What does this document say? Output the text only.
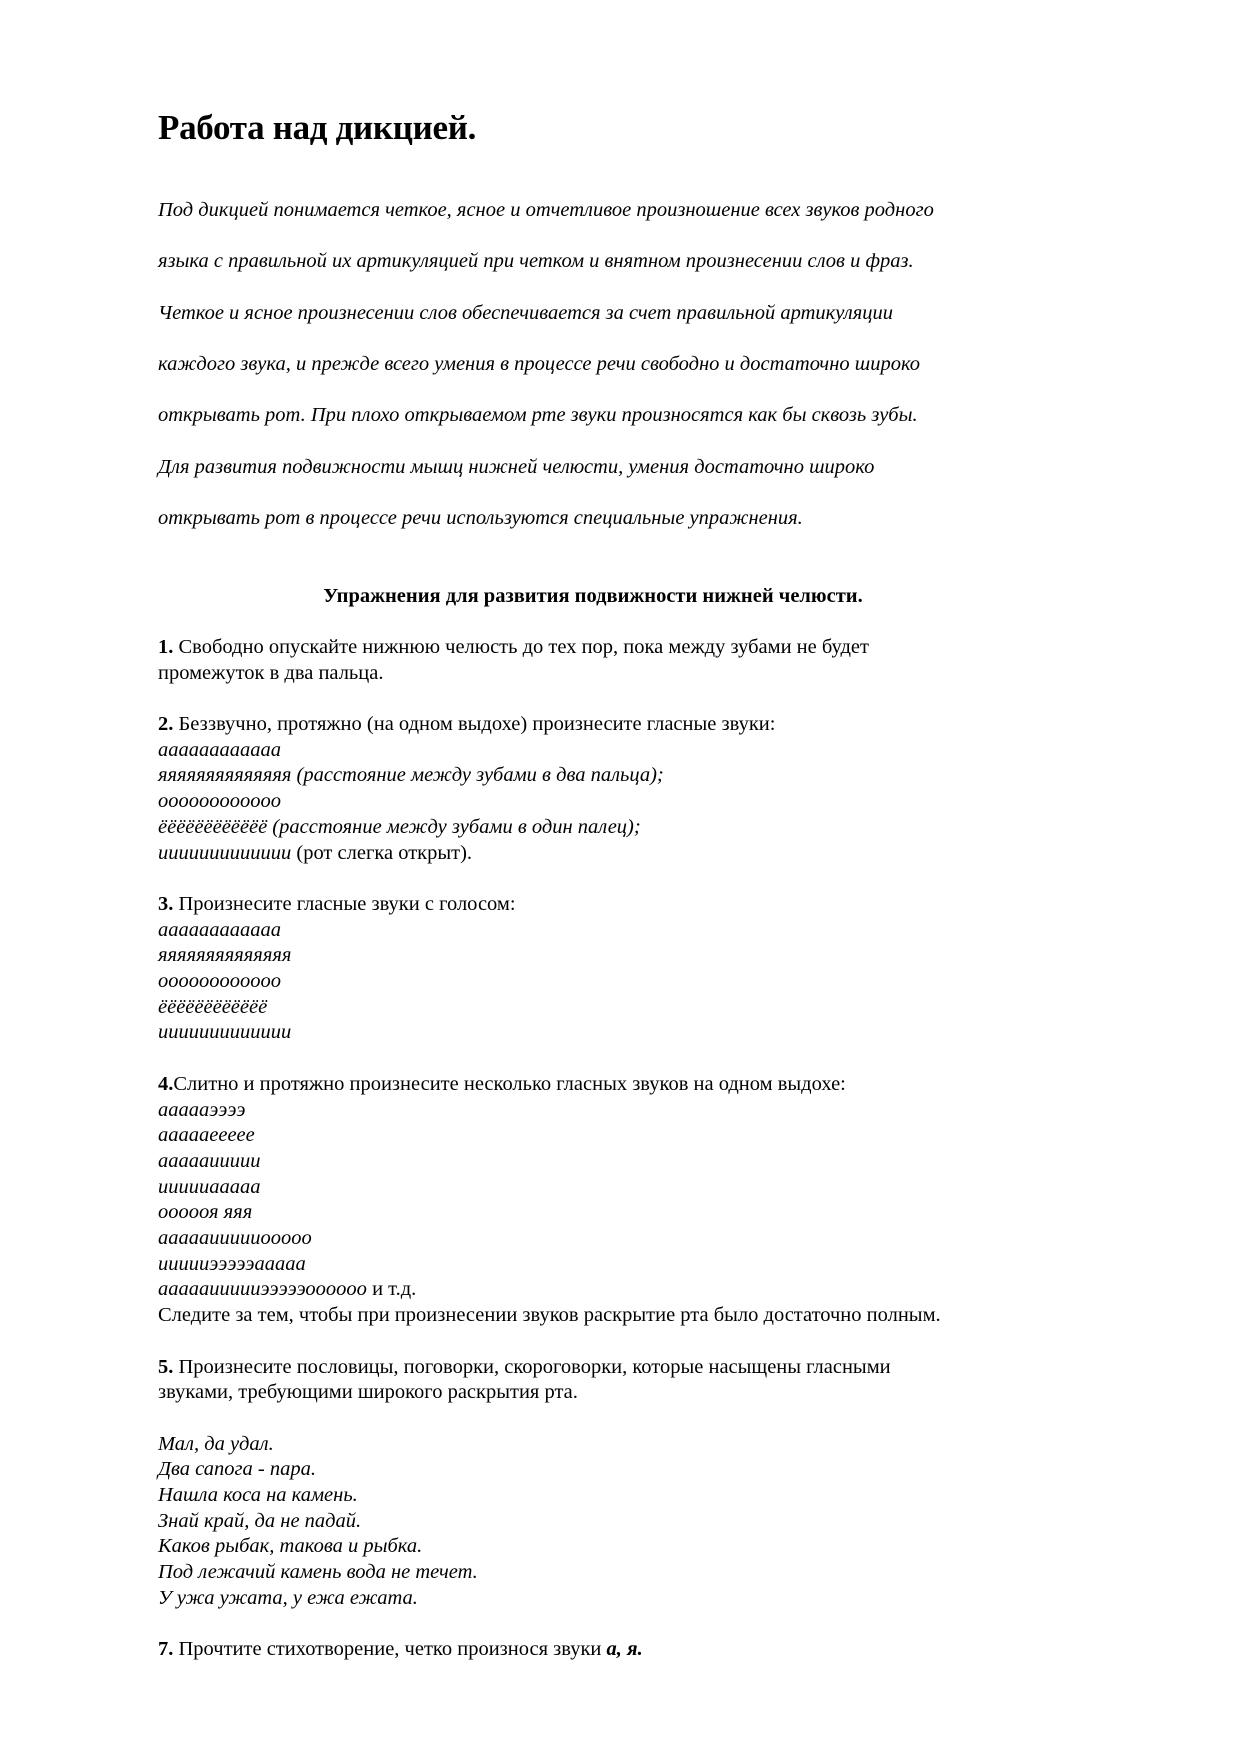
Работа над дикцией.

Под дикцией понимается четкое, ясное и отчетливое произношение всех звуков родного

языка с правильной их артикуляцией при четком и внятном произнесении слов и фраз.

Четкое и ясное произнесении слов обеспечивается за счет правильной артикуляции

каждого звука, и прежде всего умения в процессе речи свободно и достаточно широко

открывать рот. При плохо открываемом рте звуки произносятся как бы сквозь зубы.

Для развития подвижности мышц нижней челюсти, умения достаточно широко

открывать рот в процессе речи используются специальные упражнения.

Упражнения для развития подвижности нижней челюсти.
1. Свободно опускайте нижнюю челюсть до тех пор, пока между зубами не будет
промежуток в два пальца.
2. Беззвучно, протяжно (на одном выдохе) произнесите гласные звуки:
аааааааааааа
яяяяяяяяяяяяяя (расстояние между зубами в два пальца);
оооооооооооо
ёёёёёёёёёёёё (расстояние между зубами в один палец);
иииииииииииии (рот слегка открыт).
3. Произнесите гласные звуки с голосом:
аааааааааааа
яяяяяяяяяяяяяя
оооооооооооо
ёёёёёёёёёёёё
иииииииииииии
4.Слитно и протяжно произнесите несколько гласных звуков на одном выдохе:
аааааээээ
аааааеееее
аааааиииии
иииииааааа
оооооя яяя
аааааиииииооооо
иииииэээээааааа
аааааиииииэээээоооооо и т.д.
Следите за тем, чтобы при произнесении звуков раскрытие рта было достаточно полным.
5. Произнесите пословицы, поговорки, скороговорки, которые насыщены гласными
звуками, требующими широкого раскрытия рта.
Мал, да удал.
Два сапога - пара.
Нашла коса на камень.
Знай край, да не падай.
Каков рыбак, такова и рыбка.
Под лежачий камень вода не течет.
У ужа ужата, у ежа ежата.
7. Прочтите стихотворение, четко произнося звуки а, я.
